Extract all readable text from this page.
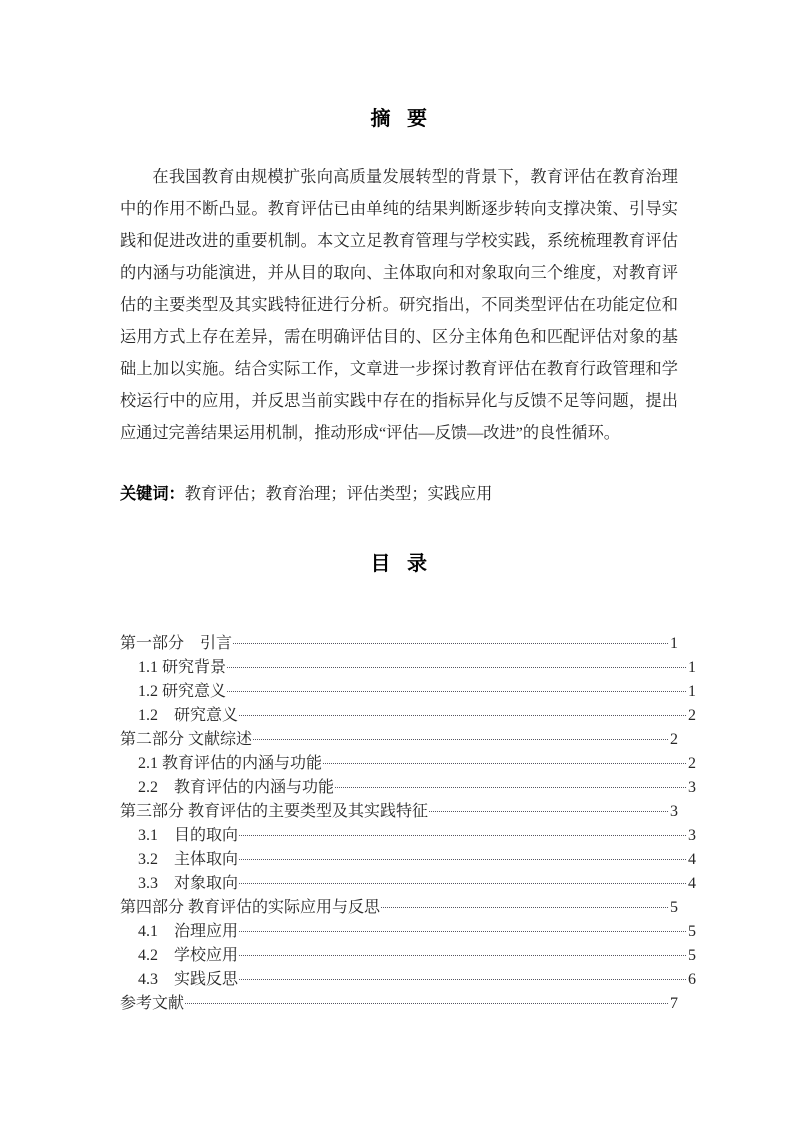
摘 要

在我国教育由规模扩张向高质量发展转型的背景下，教育评估在教育治理中的作用不断凸显。教育评估已由单纯的结果判断逐步转向支撑决策、引导实践和促进改进的重要机制。本文立足教育管理与学校实践，系统梳理教育评估的内涵与功能演进，并从目的取向、主体取向和对象取向三个维度，对教育评估的主要类型及其实践特征进行分析。研究指出，不同类型评估在功能定位和运用方式上存在差异，需在明确评估目的、区分主体角色和匹配评估对象的基础上加以实施。结合实际工作，文章进一步探讨教育评估在教育行政管理和学校运行中的应用，并反思当前实践中存在的指标异化与反馈不足等问题，提出应通过完善结果运用机制，推动形成“评估—反馈—改进”的良性循环。

关键词：教育评估；教育治理；评估类型；实践应用
目 录
第一部分　引言	1
1.1 研究背景	1
1.2 研究意义	1
1.2　研究意义	2
第二部分 文献综述	2
2.1 教育评估的内涵与功能	2
2.2　教育评估的内涵与功能	3
第三部分 教育评估的主要类型及其实践特征	3
3.1　目的取向	3
3.2　主体取向	4
3.3　对象取向	4
第四部分 教育评估的实际应用与反思	5
4.1　治理应用	5
4.2　学校应用	5
4.3　实践反思	6
参考文献	7
